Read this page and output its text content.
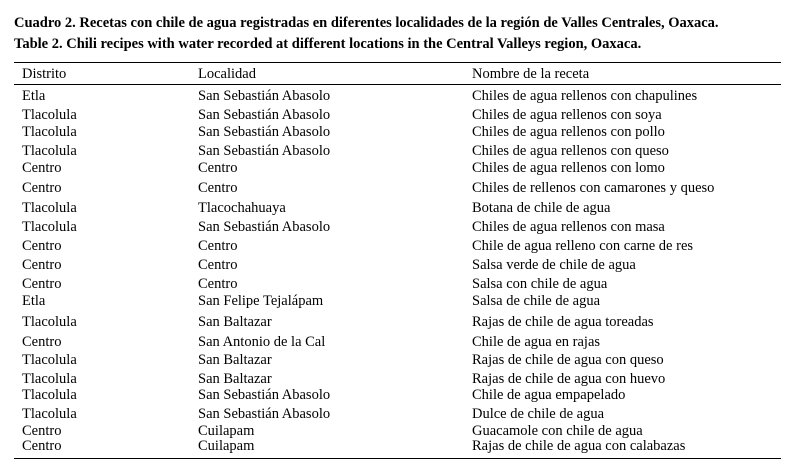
Cuadro 2. Recetas con chile de agua registradas en diferentes localidades de la región de Valles Centrales, Oaxaca.
Table 2. Chili recipes with water recorded at different locations in the Central Valleys region, Oaxaca.
Distrito	Localidad	Nombre de la receta
Etla	San Sebastián Abasolo	Chiles de agua rellenos con chapulines
Tlacolula	San Sebastián Abasolo	Chiles de agua rellenos con soya
Tlacolula	San Sebastián Abasolo	Chiles de agua rellenos con pollo
Tlacolula	San Sebastián Abasolo	Chiles de agua rellenos con queso
Centro	Centro	Chiles de agua rellenos con lomo
Centro	Centro	Chiles de rellenos con camarones y queso
Tlacolula	Tlacochahuaya	Botana de chile de agua
Tlacolula	San Sebastián Abasolo	Chiles de agua rellenos con masa
Centro	Centro	Chile de agua relleno con carne de res
Centro	Centro	Salsa verde de chile de agua
Centro	Centro	Salsa con chile de agua
Etla	San Felipe Tejalápam	Salsa de chile de agua
Tlacolula	San Baltazar	Rajas de chile de agua toreadas
Centro	San Antonio de la Cal	Chile de agua en rajas
Tlacolula	San Baltazar	Rajas de chile de agua con queso
Tlacolula	San Baltazar	Rajas de chile de agua con huevo
Tlacolula	San Sebastián Abasolo	Chile de agua empapelado
Tlacolula	San Sebastián Abasolo	Dulce de chile de agua
Centro	Cuilapam	Guacamole con chile de agua
Centro	Cuilapam	Rajas de chile de agua con calabazas
